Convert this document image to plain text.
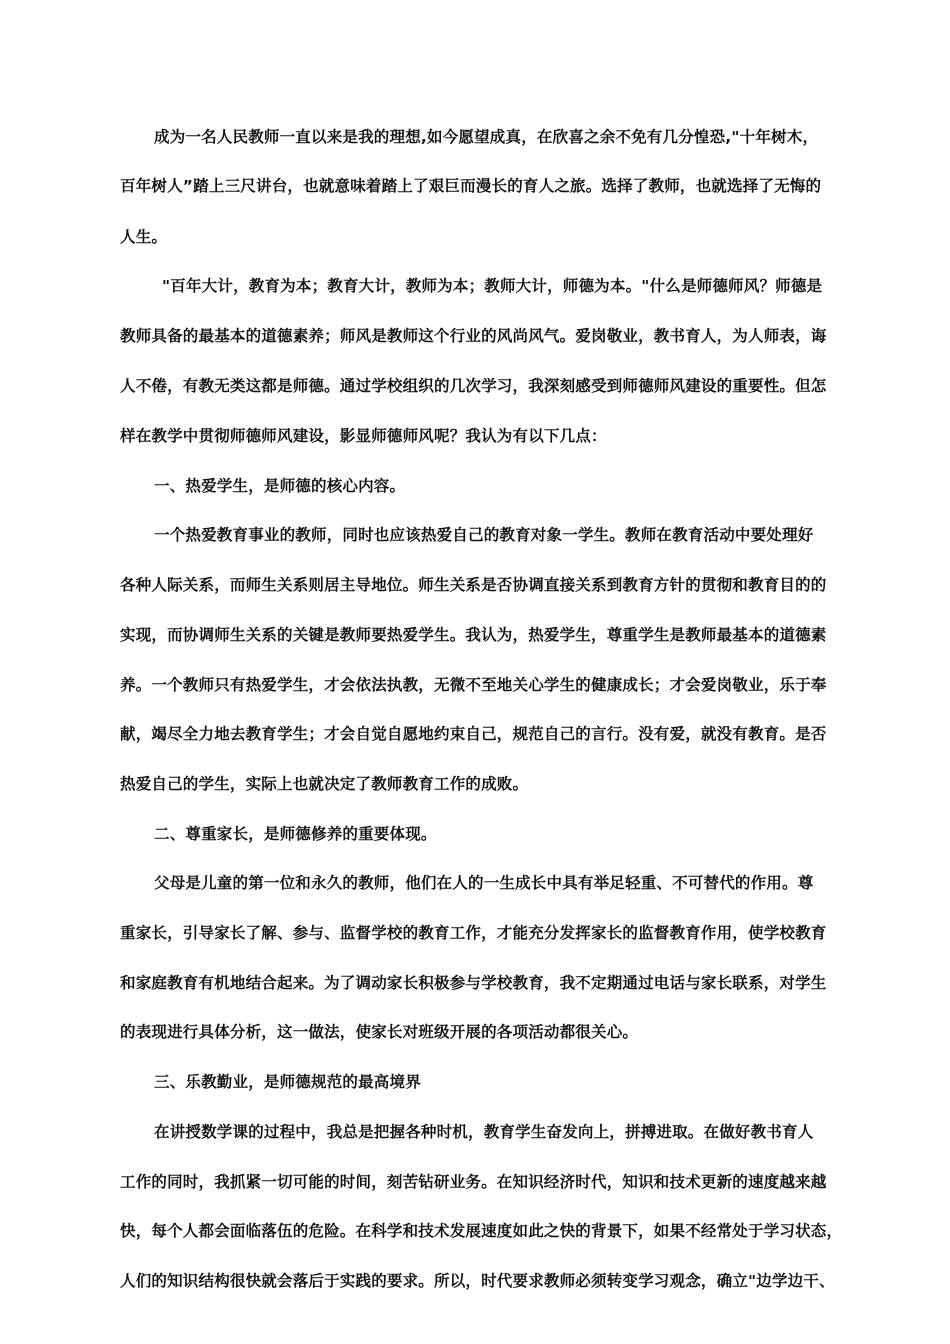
成为一名人民教师一直以来是我的理想,如今愿望成真，在欣喜之余不免有几分惶恐,"十年树木，
百年树人”踏上三尺讲台，也就意味着踏上了艰巨而漫长的育人之旅。选择了教师，也就选择了无悔的
人生。
"百年大计，教育为本；教育大计，教师为本；教师大计，师德为本。"什么是师德师风？师德是
教师具备的最基本的道德素养；师风是教师这个行业的风尚风气。爱岗敬业，教书育人，为人师表，诲
人不倦，有教无类这都是师德。通过学校组织的几次学习，我深刻感受到师德师风建设的重要性。但怎
样在教学中贯彻师德师风建设，影显师德师风呢？我认为有以下几点：
一、热爱学生，是师德的核心内容。
一个热爱教育事业的教师，同时也应该热爱自己的教育对象一学生。教师在教育活动中要处理好
各种人际关系，而师生关系则居主导地位。师生关系是否协调直接关系到教育方针的贯彻和教育目的的
实现，而协调师生关系的关键是教师要热爱学生。我认为，热爱学生，尊重学生是教师最基本的道德素
养。一个教师只有热爱学生，才会依法执教，无微不至地关心学生的健康成长；才会爱岗敬业，乐于奉
献，竭尽全力地去教育学生；才会自觉自愿地约束自己，规范自己的言行。没有爱，就没有教育。是否
热爱自己的学生，实际上也就决定了教师教育工作的成败。
二、尊重家长，是师德修养的重要体现。
父母是儿童的第一位和永久的教师，他们在人的一生成长中具有举足轻重、不可替代的作用。尊
重家长，引导家长了解、参与、监督学校的教育工作，才能充分发挥家长的监督教育作用，使学校教育
和家庭教育有机地结合起来。为了调动家长积极参与学校教育，我不定期通过电话与家长联系，对学生
的表现进行具体分析，这一做法，使家长对班级开展的各项活动都很关心。
三、乐教勤业，是师德规范的最高境界
在讲授数学课的过程中，我总是把握各种时机，教育学生奋发向上，拼搏进取。在做好教书育人
工作的同时，我抓紧一切可能的时间，刻苦钻研业务。在知识经济时代，知识和技术更新的速度越来越
快，每个人都会面临落伍的危险。在科学和技术发展速度如此之快的背景下，如果不经常处于学习状态，
人们的知识结构很快就会落后于实践的要求。所以，时代要求教师必须转变学习观念，确立"边学边干、
